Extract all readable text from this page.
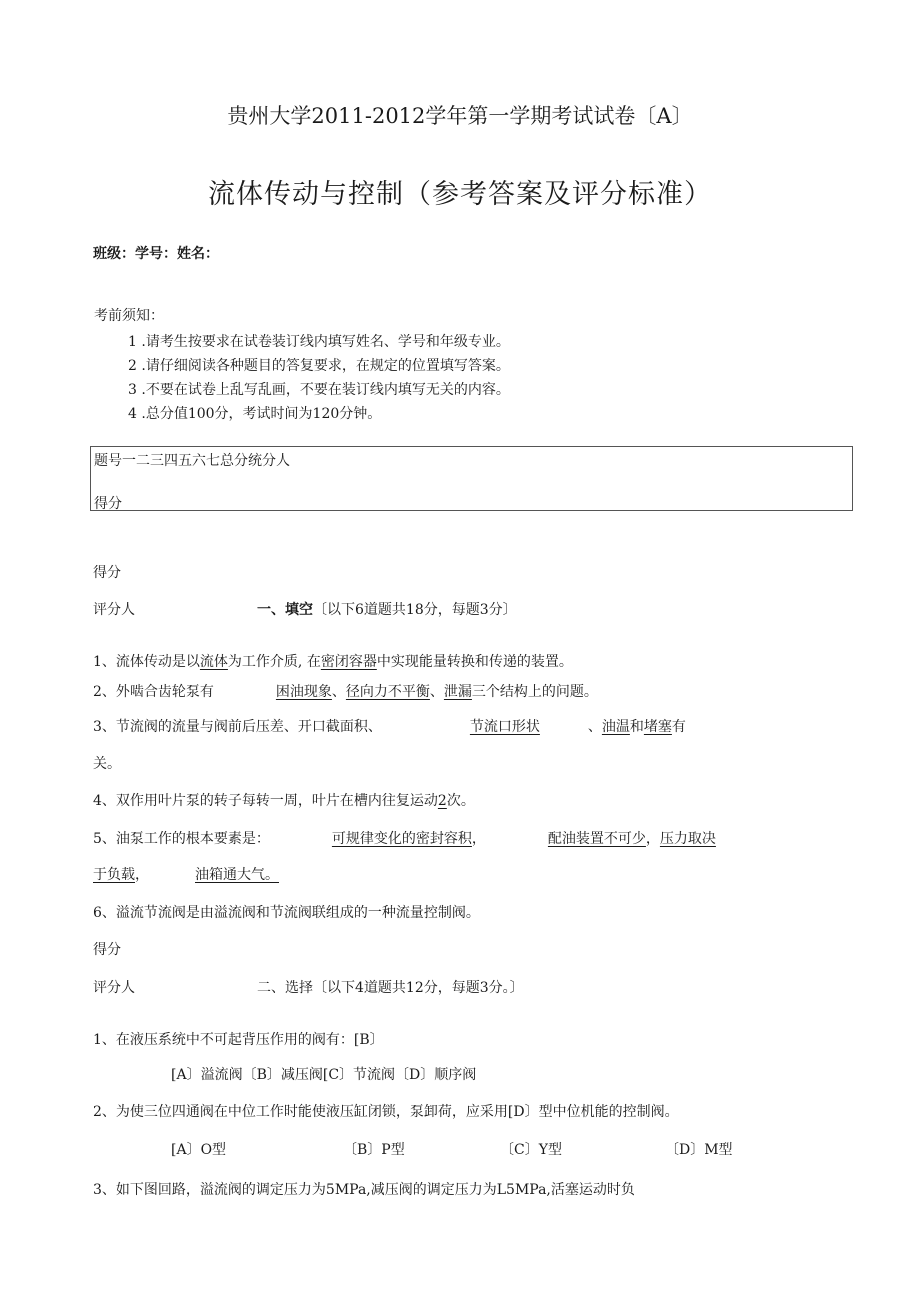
贵州大学2011-2012学年第一学期考试试卷〔A〕
流体传动与控制（参考答案及评分标准）
班级：学号：姓名：
考前须知：
1 .请考生按要求在试卷装订线内填写姓名、学号和年级专业。
2 .请仔细阅读各种题目的答复要求，在规定的位置填写答案。
3 .不要在试卷上乱写乱画，不要在装订线内填写无关的内容。
4 .总分值100分，考试时间为120分钟。
题号一二三四五六七总分统分人
得分
得分
评分人	一、填空〔以下6道题共18分，每题3分〕
1、流体传动是以流体为工作介质, 在密闭容器中实现能量转换和传递的装置。
2、外啮合齿轮泵有	困油现象、径向力不平衡、泄漏三个结构上的问题。
3、节流阀的流量与阀前后压差、开口截面积、	节流口形状	、油温和堵塞有
关。
4、双作用叶片泵的转子每转一周，叶片在槽内往复运动2次。
5、油泵工作的根本要素是：	可规律变化的密封容积，	配油装置不可少，压力取决
于负载，	油箱通大气。
6、溢流节流阀是由溢流阀和节流阀联组成的一种流量控制阀。
得分
评分人	二、选择〔以下4道题共12分，每题3分。〕
1、在液压系统中不可起背压作用的阀有：[B〕
[A〕溢流阀〔B〕减压阀[C〕节流阀〔D〕顺序阀
2、为使三位四通阀在中位工作时能使液压缸闭锁，泵卸荷，应采用[D〕型中位机能的控制阀。
[A〕O型	〔B〕P型	〔C〕Y型	〔D〕M型
3、如下图回路，溢流阀的调定压力为5MPa,减压阀的调定压力为L5MPa,活塞运动时负
